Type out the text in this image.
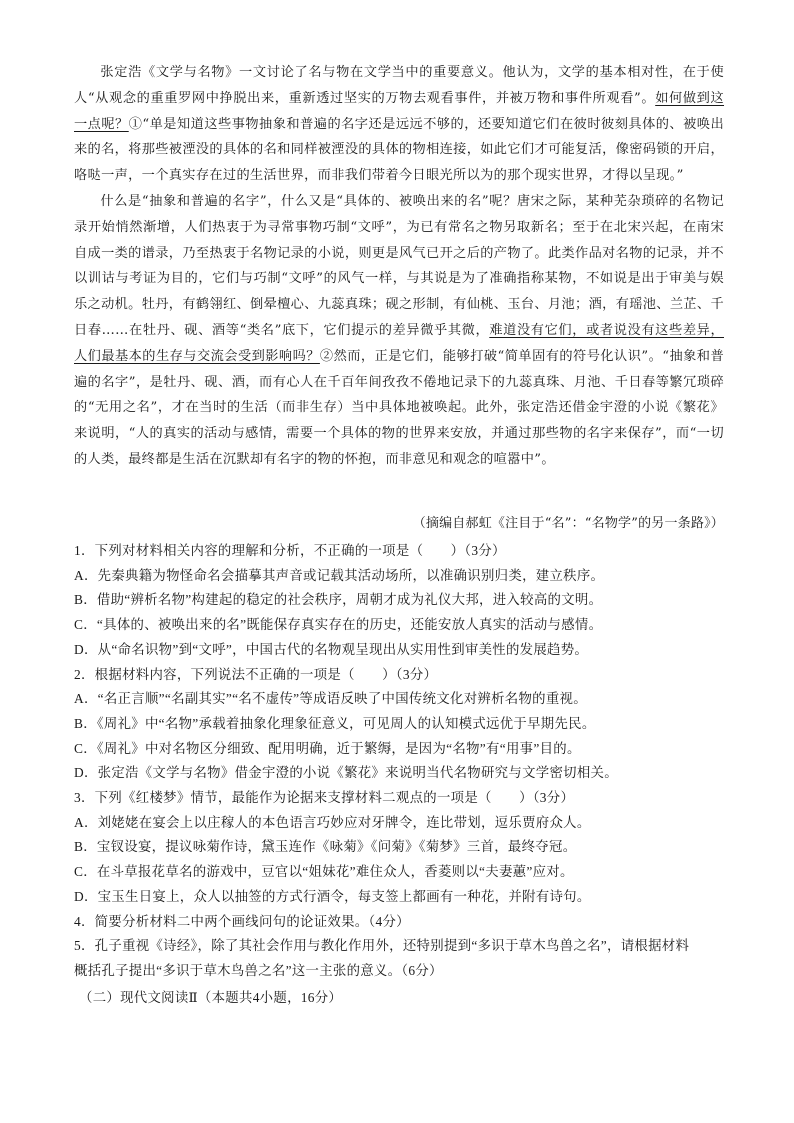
张定浩《文学与名物》一文讨论了名与物在文学当中的重要意义。他认为，文学的基本相对性，在于使人“从观念的重重罗网中挣脱出来，重新透过坚实的万物去观看事件，并被万物和事件所观看”。如何做到这一点呢？①“单是知道这些事物抽象和普遍的名字还是远远不够的，还要知道它们在彼时彼刻具体的、被唤出来的名，将那些被湮没的具体的名和同样被湮没的具体的物相连接，如此它们才可能复活，像密码锁的开启，咯哒一声，一个真实存在过的生活世界，而非我们带着今日眼光所以为的那个现实世界，才得以呈现。”

什么是“抽象和普遍的名字”，什么又是“具体的、被唤出来的名”呢？唐宋之际，某种芜杂琐碎的名物记录开始悄然渐增，人们热衷于为寻常事物巧制“文呼”，为已有常名之物另取新名；至于在北宋兴起，在南宋自成一类的谱录，乃至热衷于名物记录的小说，则更是风气已开之后的产物了。此类作品对名物的记录，并不以训诂与考证为目的，它们与巧制“文呼”的风气一样，与其说是为了准确指称某物，不如说是出于审美与娱乐之动机。牡丹，有鹤翎红、倒晕檀心、九蕊真珠；砚之形制，有仙桃、玉台、月池；酒，有瑶池、兰芷、千日春……在牡丹、砚、酒等“类名”底下，它们提示的差异微乎其微，难道没有它们，或者说没有这些差异，人们最基本的生存与交流会受到影响吗？②然而，正是它们，能够打破“简单固有的符号化认识”。“抽象和普遍的名字”，是牡丹、砚、酒，而有心人在千百年间孜孜不倦地记录下的九蕊真珠、月池、千日春等繁冗琐碎的“无用之名”，才在当时的生活（而非生存）当中具体地被唤起。此外，张定浩还借金宇澄的小说《繁花》来说明，“人的真实的活动与感情，需要一个具体的物的世界来安放，并通过那些物的名字来保存”，而“一切的人类，最终都是生活在沉默却有名字的物的怀抱，而非意见和观念的喧嚣中”。

（摘编自郝虹《注目于“名”：“名物学”的另一条路》）
1．下列对材料相关内容的理解和分析，不正确的一项是（　　）（3分）
A．先秦典籍为物怪命名会描摹其声音或记载其活动场所，以准确识别归类，建立秩序。
B．借助“辨析名物”构建起的稳定的社会秩序，周朝才成为礼仪大邦，进入较高的文明。
C．“具体的、被唤出来的名”既能保存真实存在的历史，还能安放人真实的活动与感情。
D．从“命名识物”到“文呼”，中国古代的名物观呈现出从实用性到审美性的发展趋势。
2．根据材料内容，下列说法不正确的一项是（　　）（3分）
A．“名正言顺”“名副其实”“名不虚传”等成语反映了中国传统文化对辨析名物的重视。
B．《周礼》中“名物”承载着抽象化理象征意义，可见周人的认知模式远优于早期先民。
C．《周礼》中对名物区分细致、配用明确，近于繁缛，是因为“名物”有“用事”目的。
D．张定浩《文学与名物》借金宇澄的小说《繁花》来说明当代名物研究与文学密切相关。
3．下列《红楼梦》情节，最能作为论据来支撑材料二观点的一项是（　　）（3分）
A．刘姥姥在宴会上以庄稼人的本色语言巧妙应对牙牌令，连比带划，逗乐贾府众人。
B．宝钗设宴，提议咏菊作诗，黛玉连作《咏菊》《问菊》《菊梦》三首，最终夺冠。
C．在斗草报花草名的游戏中，豆官以“姐妹花”难住众人，香菱则以“夫妻蕙”应对。
D．宝玉生日宴上，众人以抽签的方式行酒令，每支签上都画有一种花，并附有诗句。
4．简要分析材料二中两个画线问句的论证效果。（4分）
5．孔子重视《诗经》，除了其社会作用与教化作用外，还特别提到“多识于草木鸟兽之名”，请根据材料
概括孔子提出“多识于草木鸟兽之名”这一主张的意义。（6分）
（二）现代文阅读Ⅱ（本题共4小题，16分）
